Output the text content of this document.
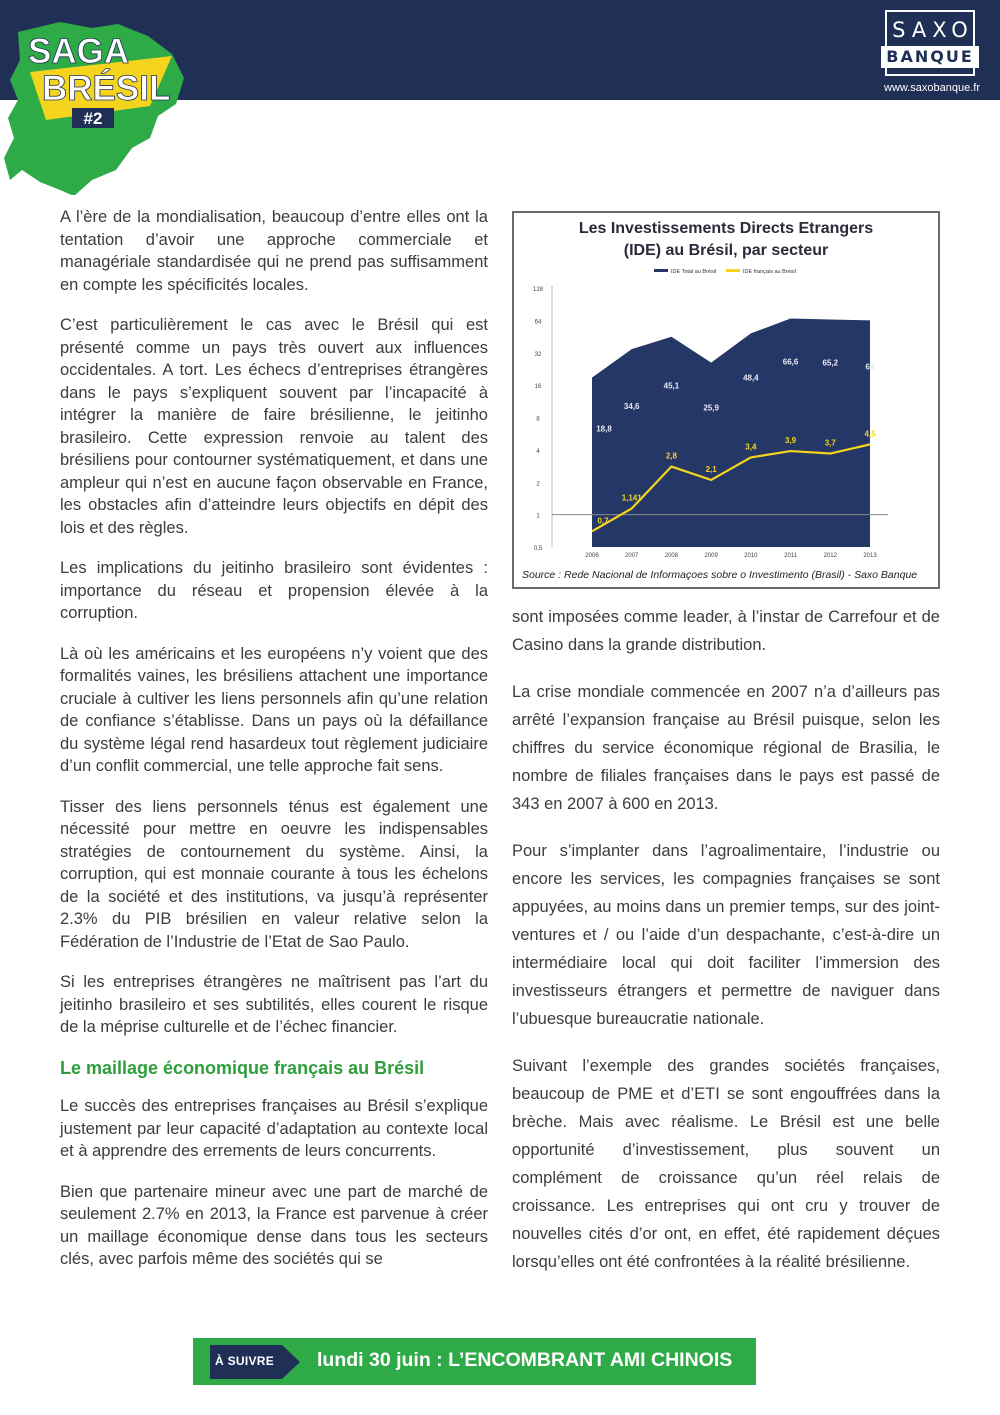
SAGA
BRÉSIL
#2
SAXO
BANQUE
www.saxobanque.fr

A l’ère de la mondialisation, beaucoup d’entre elles ont la tentation d’avoir une approche commerciale et managériale standardisée qui ne prend pas suffisamment en compte les spécificités locales.

C’est particulièrement le cas avec le Brésil qui est présenté comme un pays très ouvert aux influences occidentales. A tort. Les échecs d’entreprises étrangères dans le pays s’expliquent souvent par l’incapacité à intégrer la manière de faire brésilienne, le jeitinho brasileiro. Cette expression renvoie au talent des brésiliens pour contourner systématiquement, et dans une ampleur qui n’est en aucune façon observable en France, les obstacles afin d’atteindre leurs objectifs en dépit des lois et des règles.

Les implications du jeitinho brasileiro sont évidentes : importance du réseau et propension élevée à la corruption.

Là où les américains et les européens n’y voient que des formalités vaines, les brésiliens attachent une importance cruciale à cultiver les liens personnels afin qu’une relation de confiance s’établisse. Dans un pays où la défaillance du système légal rend hasardeux tout règlement judiciaire d’un conflit commercial, une telle approche fait sens.

Tisser des liens personnels ténus est également une nécessité pour mettre en oeuvre les indispensables stratégies de contournement du système. Ainsi, la corruption, qui est monnaie courante à tous les échelons de la société et des institutions, va jusqu’à représenter 2.3% du PIB brésilien en valeur relative selon la Fédération de l’Industrie de l’Etat de Sao Paulo.

Si les entreprises étrangères ne maîtrisent pas l’art du jeitinho brasileiro et ses subtilités, elles courent le risque de la méprise culturelle et de l’échec financier.

Le maillage économique français au Brésil

Le succès des entreprises françaises au Brésil s’explique justement par leur capacité d’adaptation au contexte local et à apprendre des errements de leurs concurrents.

Bien que partenaire mineur avec une part de marché de seulement 2.7% en 2013, la France est parvenue à créer un maillage économique dense dans tous les secteurs clés, avec parfois même des sociétés qui se

Les Investissements Directs Etrangers
(IDE) au Brésil, par secteur
0,5
1
2
4
8
16
32
64
128
2006	2007	2008	2009	2010	2011	2012	2013
18,8
34,6
45,1
25,9
48,4
66,6	65,2	64
0,7
1,141
2,8
2,1
3,4
3,9	3,7
4,5
IDE Total au Brésil	IDE français au Brésil
Source : Rede Nacional de Informaçoes sobre o Investimento (Brasil) - Saxo Banque

sont imposées comme leader, à l’instar de Carrefour et de Casino dans la grande distribution.

La crise mondiale commencée en 2007 n’a d’ailleurs pas arrêté l’expansion française au Brésil puisque, selon les chiffres du service économique régional de Brasilia, le nombre de filiales françaises dans le pays est passé de 343 en 2007 à 600 en 2013.

Pour s’implanter dans l’agroalimentaire, l’industrie ou encore les services, les compagnies françaises se sont appuyées, au moins dans un premier temps, sur des joint-ventures et / ou l’aide d’un despachante, c’est-à-dire un intermédiaire local qui doit faciliter l’immersion des investisseurs étrangers et permettre de naviguer dans l’ubuesque bureaucratie nationale.

Suivant l’exemple des grandes sociétés françaises, beaucoup de PME et d’ETI se sont engouffrées dans la brèche. Mais avec réalisme. Le Brésil est une belle opportunité d’investissement, plus souvent un complément de croissance qu’un réel relais de croissance. Les entreprises qui ont cru y trouver de nouvelles cités d’or ont, en effet, été rapidement déçues lorsqu’elles ont été confrontées à la réalité brésilienne.

À SUIVRE lundi 30 juin : L’ENCOMBRANT AMI CHINOIS
